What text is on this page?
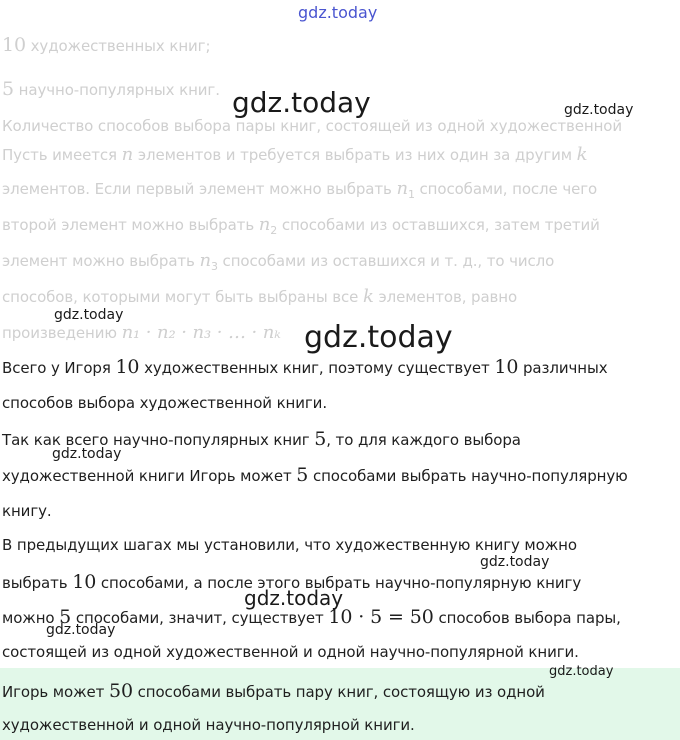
gdz.today
10 художественных книг;
5 научно-популярных книг.
Количество способов выбора пары книг, состоящей из одной художественной
Пусть имеется n элементов и требуется выбрать из них один за другим k
элементов. Если первый элемент можно выбрать $n_1$ способами, после чего
второй элемент можно выбрать $n_2$ способами из оставшихся, затем третий
элемент можно выбрать $n_3$ способами из оставшихся и т. д., то число
способов, которыми могут быть выбраны все k элементов, равно
произведению n₁ · n₂ · n₃ · … · nₖ
Всего у Игоря 10 художественных книг, поэтому существует 10 различных
способов выбора художественной книги.
Так как всего научно-популярных книг 5, то для каждого выбора
художественной книги Игорь может 5 способами выбрать научно-популярную
книгу.
В предыдущих шагах мы установили, что художественную книгу можно
выбрать 10 способами, а после этого выбрать научно-популярную книгу
можно 5 способами, значит, существует 10 · 5 = 50 способов выбора пары,
состоящей из одной художественной и одной научно-популярной книги.
Игорь может 50 способами выбрать пару книг, состоящую из одной
художественной и одной научно-популярной книги.
gdz.today	gdz.today
gdz.today
gdz.today
gdz.today
gdz.today
gdz.today
gdz.today
gdz.today
